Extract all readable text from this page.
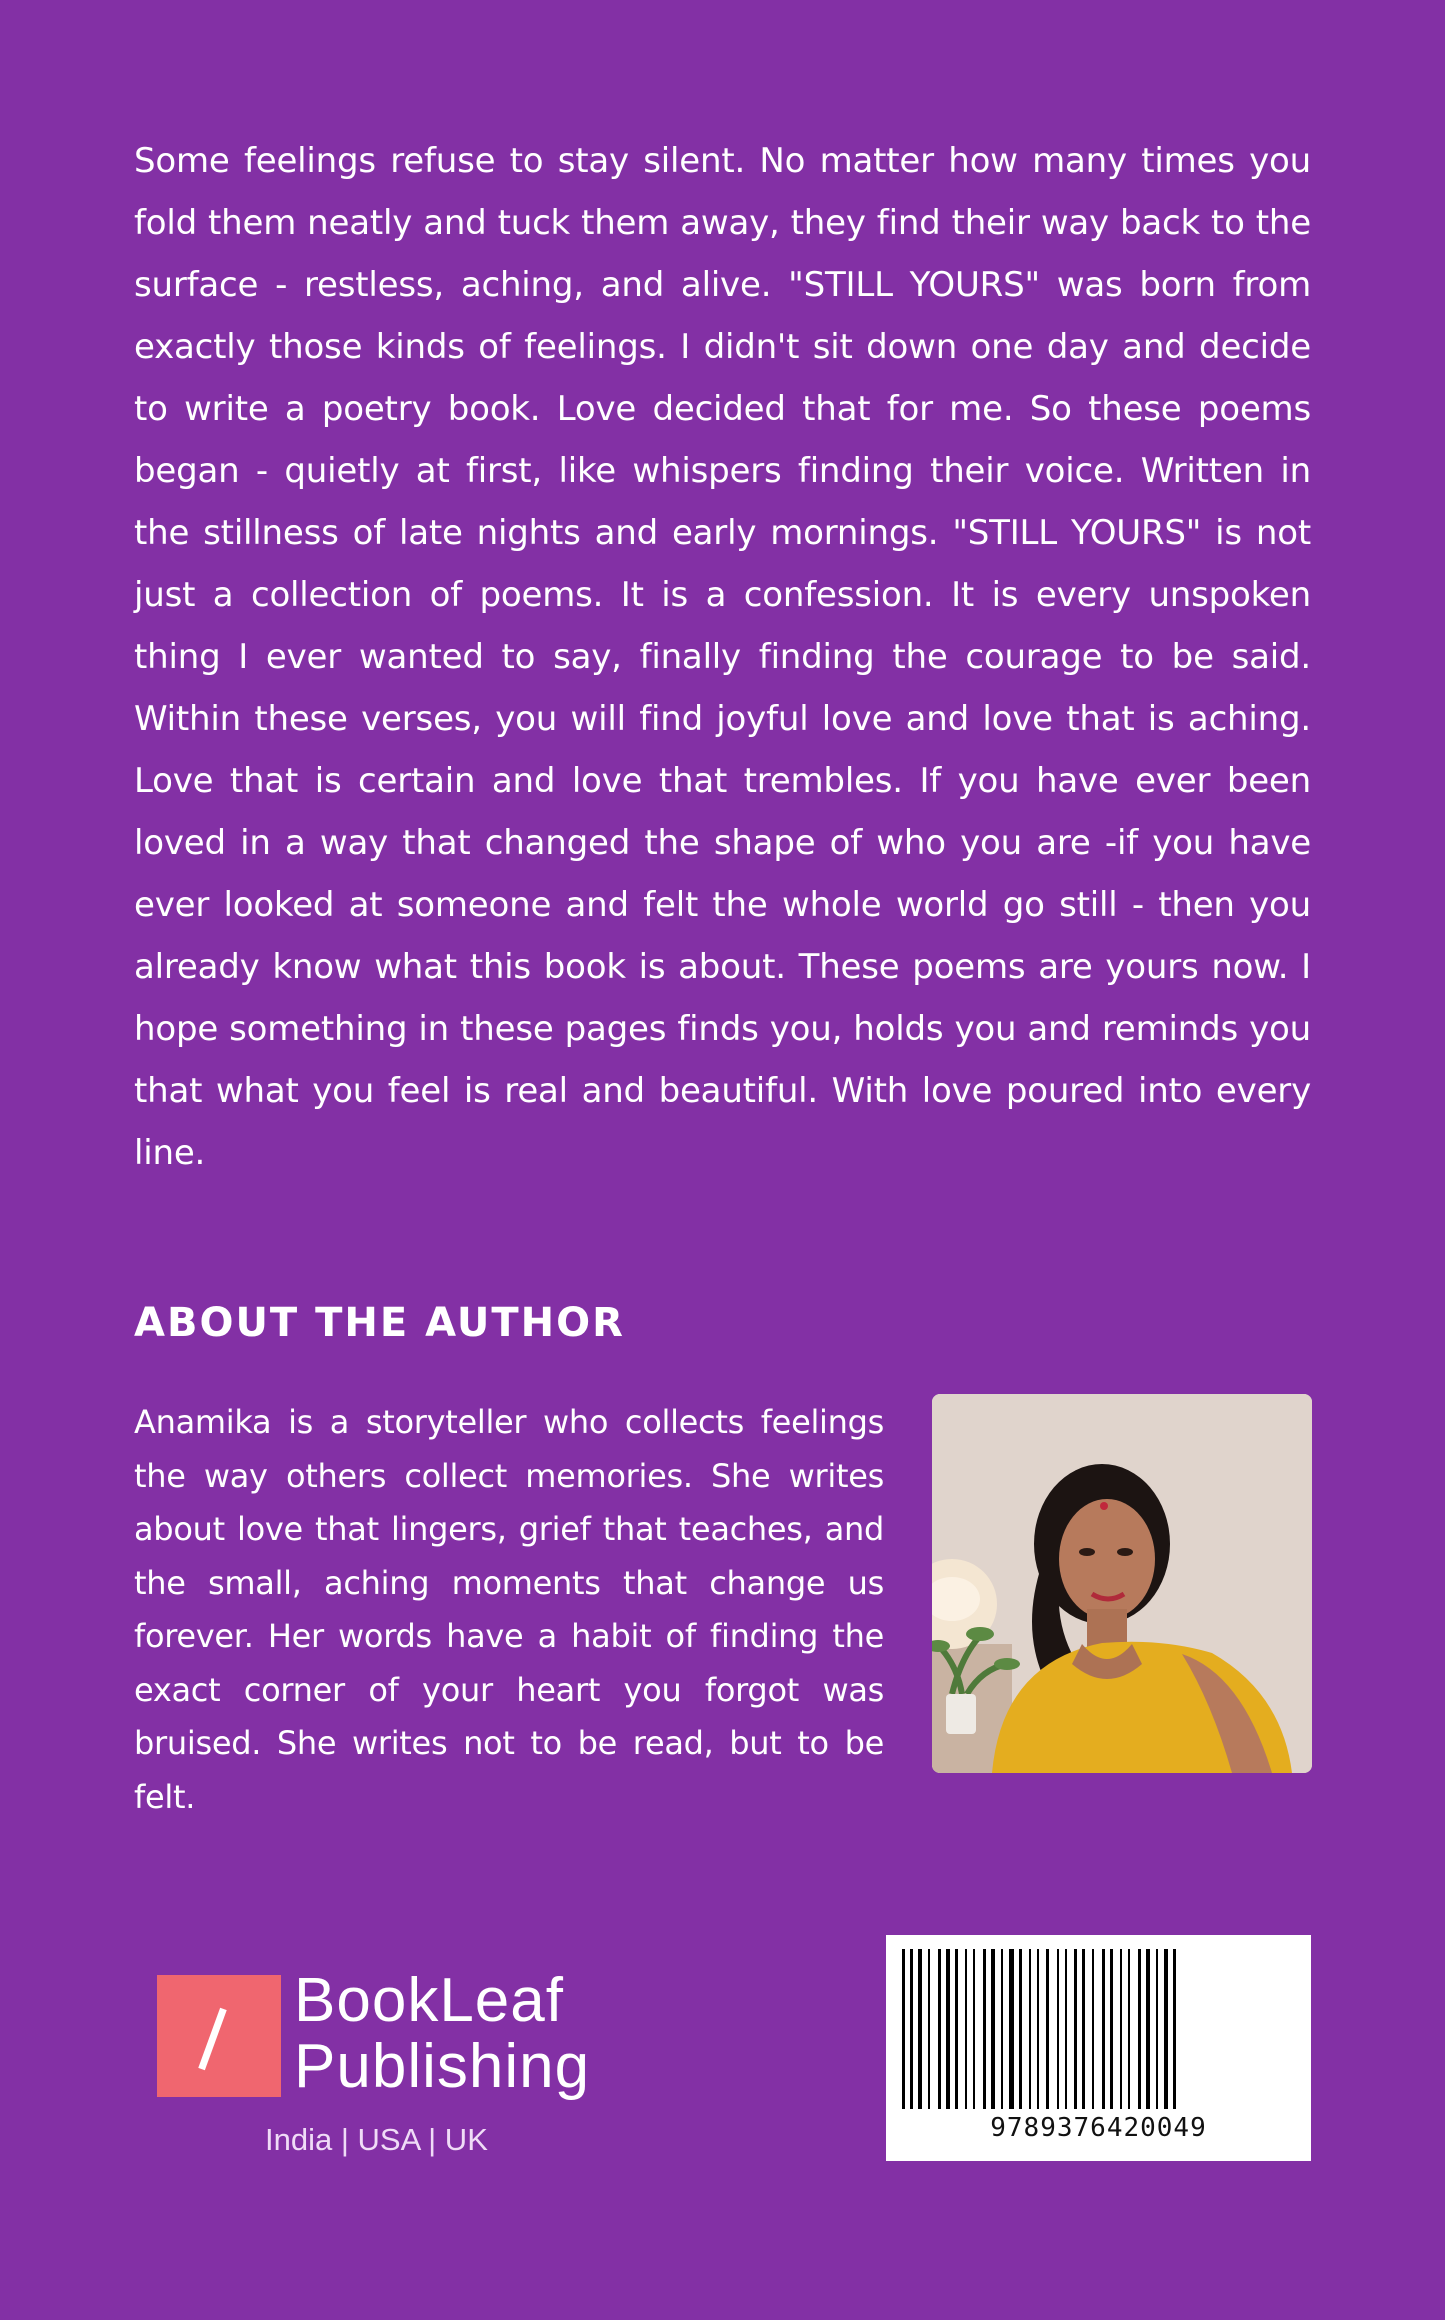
Some feelings refuse to stay silent. No matter how many times you fold them neatly and tuck them away, they find their way back to the surface - restless, aching, and alive. "STILL YOURS" was born from exactly those kinds of feelings. I didn't sit down one day and decide to write a poetry book. Love decided that for me. So these poems began - quietly at first, like whispers finding their voice. Written in the stillness of late nights and early mornings. "STILL YOURS" is not just a collection of poems. It is a confession. It is every unspoken thing I ever wanted to say, finally finding the courage to be said. Within these verses, you will find joyful love and love that is aching. Love that is certain and love that trembles. If you have ever been loved in a way that changed the shape of who you are -if you have ever looked at someone and felt the whole world go still - then you already know what this book is about. These poems are yours now. I hope something in these pages finds you, holds you and reminds you that what you feel is real and beautiful. With love poured into every line.

ABOUT THE AUTHOR

Anamika is a storyteller who collects feelings the way others collect memories. She writes about love that lingers, grief that teaches, and the small, aching moments that change us forever. Her words have a habit of finding the exact corner of your heart you forgot was bruised. She writes not to be read, but to be felt.

BookLeaf
Publishing
India | USA | UK	9789376420049
